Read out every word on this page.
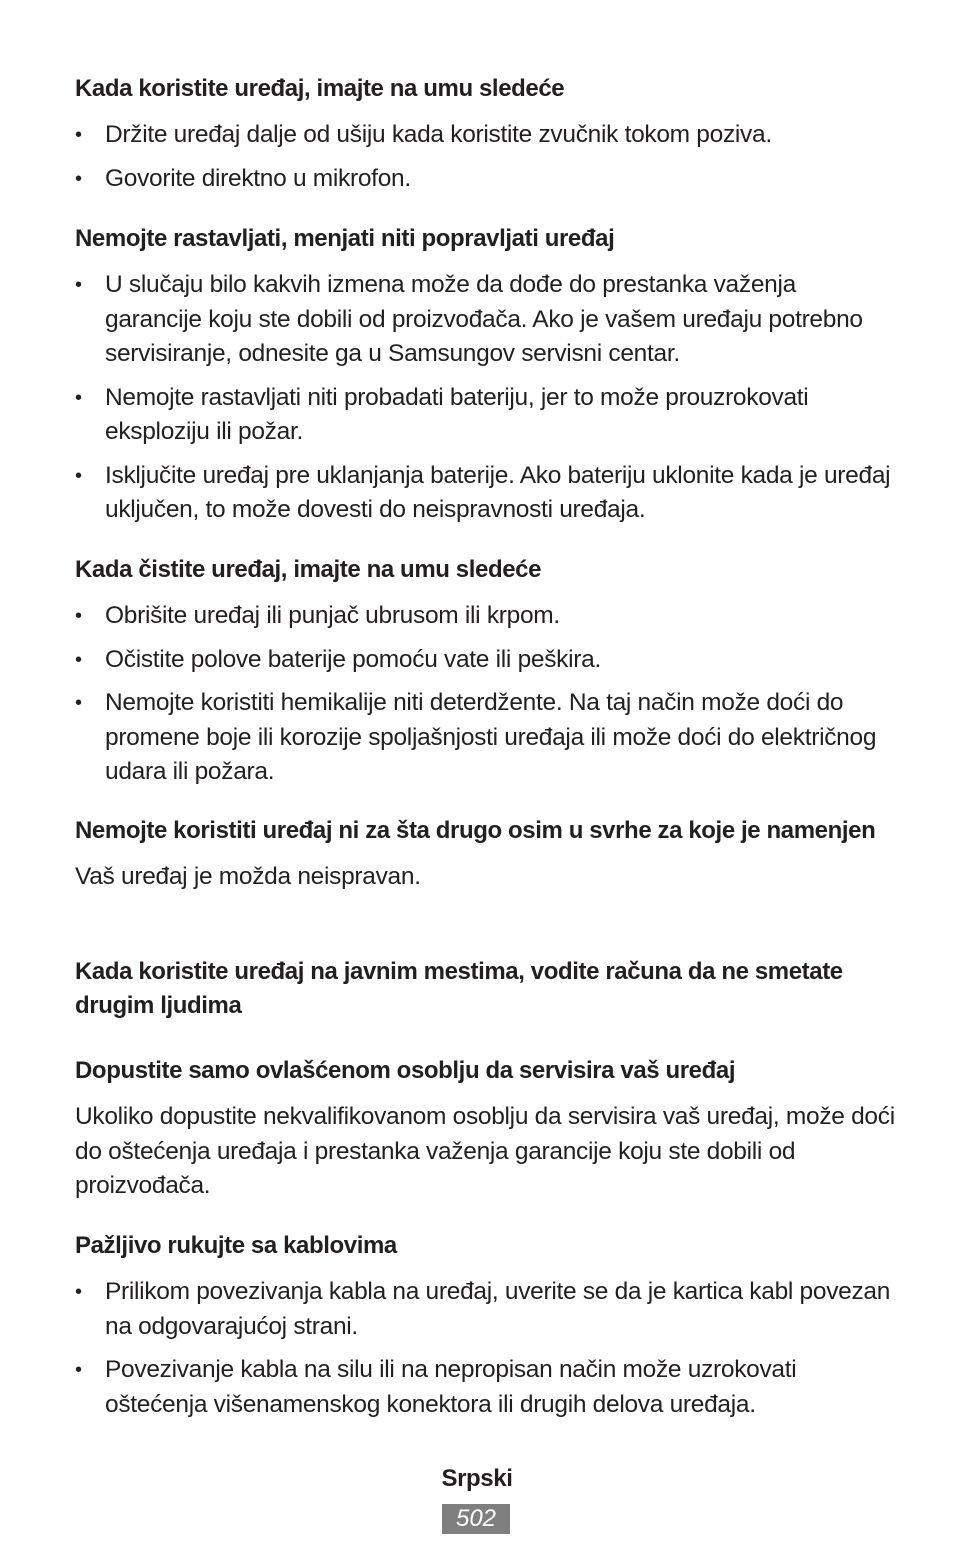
Kada koristite uređaj, imajte na umu sledeće
• Držite uređaj dalje od ušiju kada koristite zvučnik tokom poziva.
• Govorite direktno u mikrofon.
Nemojte rastavljati, menjati niti popravljati uređaj
• U slučaju bilo kakvih izmena može da dođe do prestanka važenja garancije koju ste dobili od proizvođača. Ako je vašem uređaju potrebno servisiranje, odnesite ga u Samsungov servisni centar.
• Nemojte rastavljati niti probadati bateriju, jer to može prouzrokovati eksploziju ili požar.
• Isključite uređaj pre uklanjanja baterije. Ako bateriju uklonite kada je uređaj uključen, to može dovesti do neispravnosti uređaja.
Kada čistite uređaj, imajte na umu sledeće
• Obrišite uređaj ili punjač ubrusom ili krpom.
• Očistite polove baterije pomoću vate ili peškira.
• Nemojte koristiti hemikalije niti deterdžente. Na taj način može doći do promene boje ili korozije spoljašnjosti uređaja ili može doći do električnog udara ili požara.
Nemojte koristiti uređaj ni za šta drugo osim u svrhe za koje je namenjen

Vaš uređaj je možda neispravan.

Kada koristite uređaj na javnim mestima, vodite računa da ne smetate drugim ljudima
Dopustite samo ovlašćenom osoblju da servisira vaš uređaj

Ukoliko dopustite nekvalifikovanom osoblju da servisira vaš uređaj, može doći do oštećenja uređaja i prestanka važenja garancije koju ste dobili od proizvođača.

Pažljivo rukujte sa kablovima
• Prilikom povezivanja kabla na uređaj, uverite se da je kartica kabl povezan na odgovarajućoj strani.
• Povezivanje kabla na silu ili na nepropisan način može uzrokovati oštećenja višenamenskog konektora ili drugih delova uređaja.
Srpski
502
